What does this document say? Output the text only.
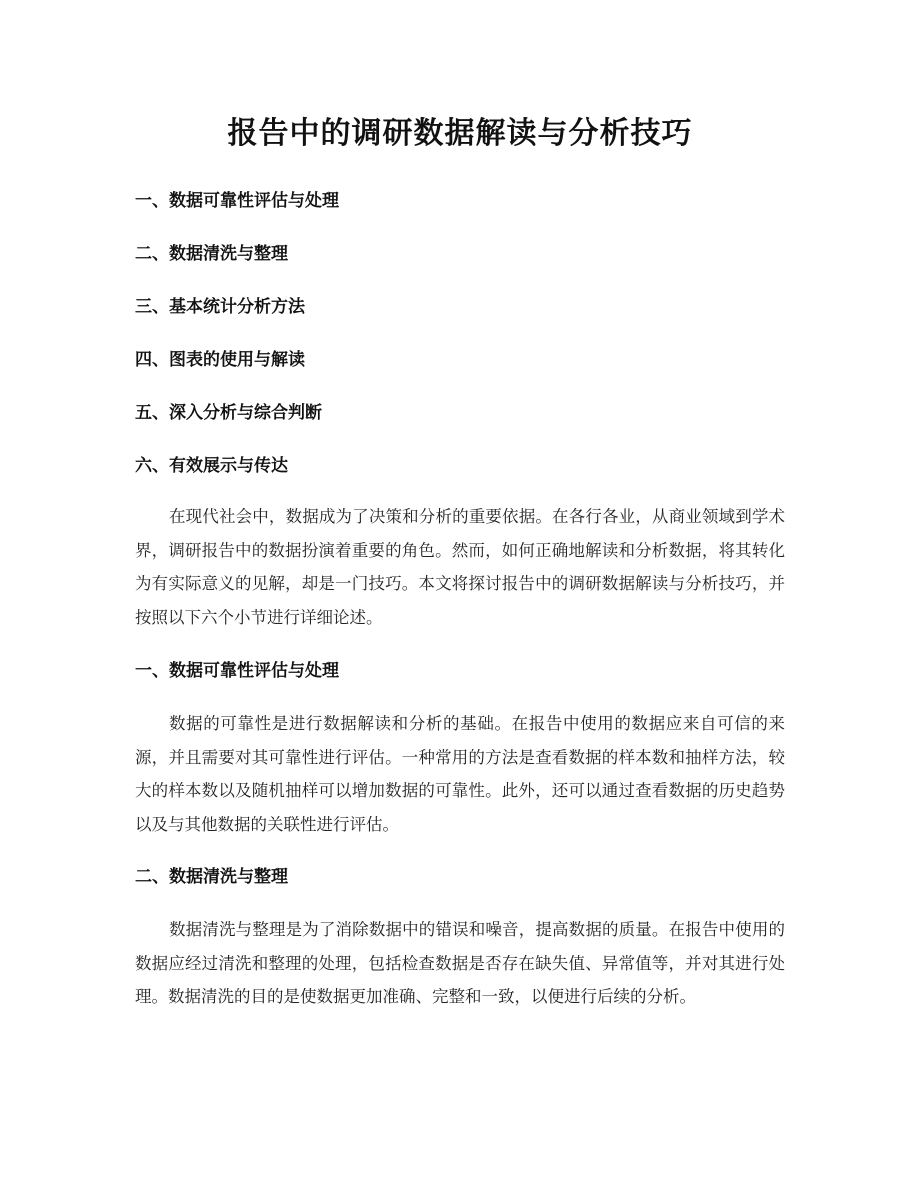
报告中的调研数据解读与分析技巧
一、数据可靠性评估与处理
二、数据清洗与整理
三、基本统计分析方法
四、图表的使用与解读
五、深入分析与综合判断
六、有效展示与传达

在现代社会中，数据成为了决策和分析的重要依据。在各行各业，从商业领域到学术界，调研报告中的数据扮演着重要的角色。然而，如何正确地解读和分析数据，将其转化为有实际意义的见解，却是一门技巧。本文将探讨报告中的调研数据解读与分析技巧，并按照以下六个小节进行详细论述。

一、数据可靠性评估与处理

数据的可靠性是进行数据解读和分析的基础。在报告中使用的数据应来自可信的来源，并且需要对其可靠性进行评估。一种常用的方法是查看数据的样本数和抽样方法，较大的样本数以及随机抽样可以增加数据的可靠性。此外，还可以通过查看数据的历史趋势以及与其他数据的关联性进行评估。

二、数据清洗与整理

数据清洗与整理是为了消除数据中的错误和噪音，提高数据的质量。在报告中使用的数据应经过清洗和整理的处理，包括检查数据是否存在缺失值、异常值等，并对其进行处理。数据清洗的目的是使数据更加准确、完整和一致，以便进行后续的分析。
